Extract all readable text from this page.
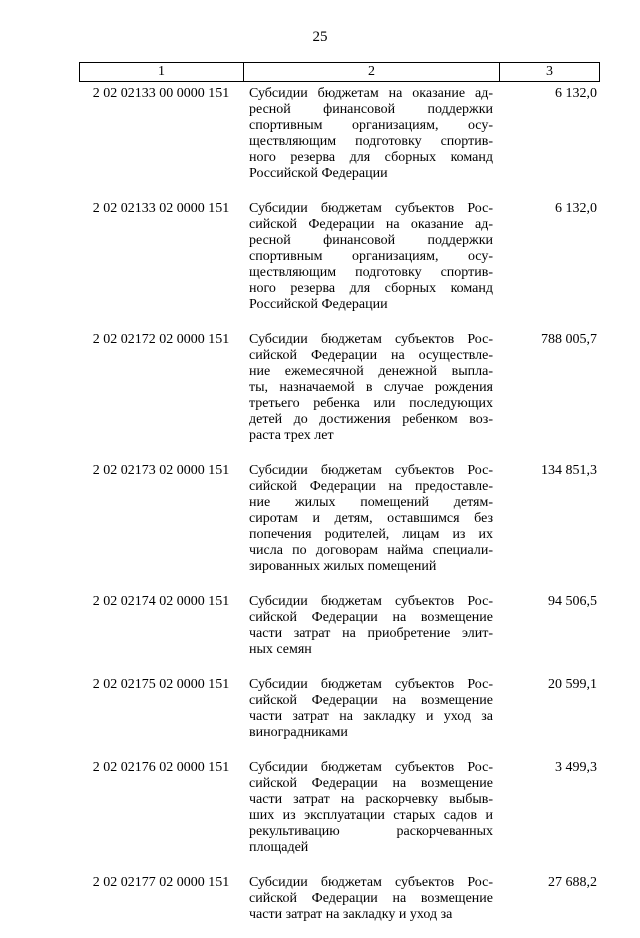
25
1	2	3
2 02 02133 00 0000 151	Субсидии бюджетам на оказание ад-
ресной финансовой поддержки
спортивным организациям, осу-
ществляющим подготовку спортив-
ного резерва для сборных команд
Российской Федерации
6 132,0
2 02 02133 02 0000 151	Субсидии бюджетам субъектов Рос-
сийской Федерации на оказание ад-
ресной финансовой поддержки
спортивным организациям, осу-
ществляющим подготовку спортив-
ного резерва для сборных команд
Российской Федерации
6 132,0
2 02 02172 02 0000 151	Субсидии бюджетам субъектов Рос-
сийской Федерации на осуществле-
ние ежемесячной денежной выпла-
ты, назначаемой в случае рождения
третьего ребенка или последующих
детей до достижения ребенком воз-
раста трех лет
788 005,7
2 02 02173 02 0000 151	Субсидии бюджетам субъектов Рос-
сийской Федерации на предоставле-
ние жилых помещений детям-
сиротам и детям, оставшимся без
попечения родителей, лицам из их
числа по договорам найма специали-
зированных жилых помещений
134 851,3
2 02 02174 02 0000 151	Субсидии бюджетам субъектов Рос-
сийской Федерации на возмещение
части затрат на приобретение элит-
ных семян
94 506,5
2 02 02175 02 0000 151	Субсидии бюджетам субъектов Рос-
сийской Федерации на возмещение
части затрат на закладку и уход за
виноградниками
20 599,1
2 02 02176 02 0000 151	Субсидии бюджетам субъектов Рос-
сийской Федерации на возмещение
части затрат на раскорчевку выбыв-
ших из эксплуатации старых садов и
рекультивацию раскорчеванных
площадей
3 499,3
2 02 02177 02 0000 151	Субсидии бюджетам субъектов Рос-
сийской Федерации на возмещение
части затрат на закладку и уход за
27 688,2
